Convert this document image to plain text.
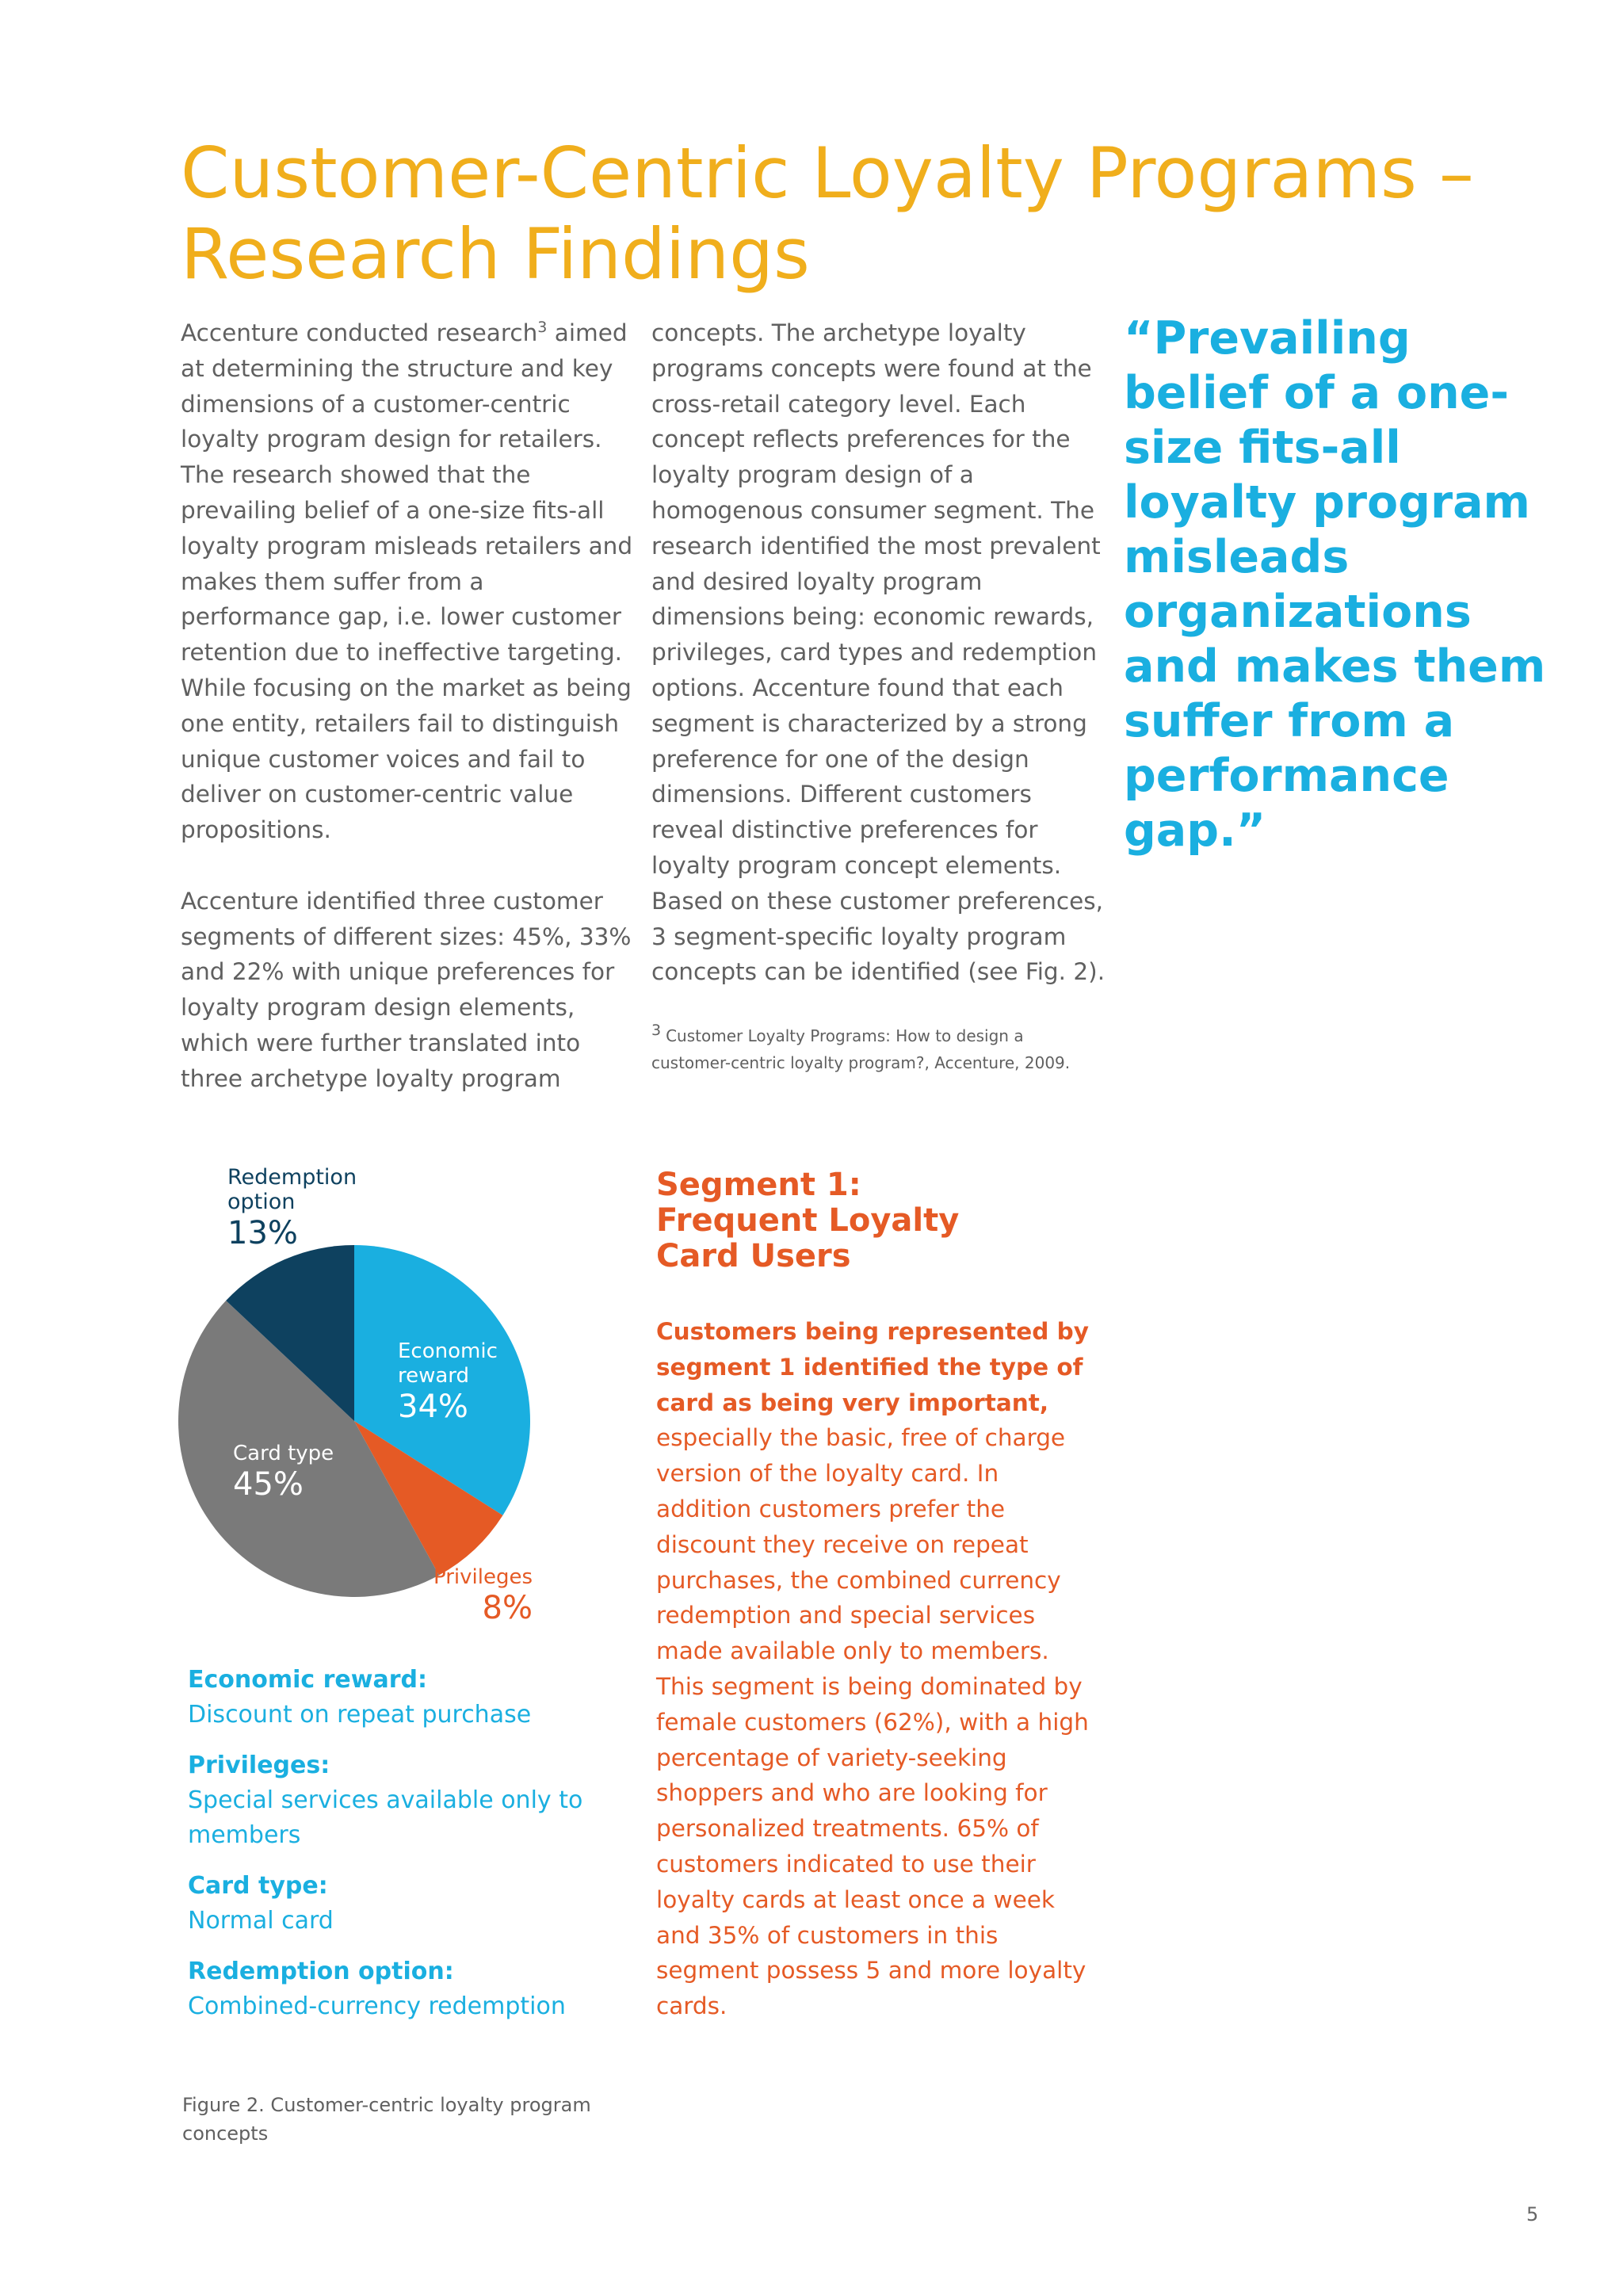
Customer-Centric Loyalty Programs –
Research Findings

Accenture conducted research$^3$ aimed at determining the structure and key dimensions of a customer-centric loyalty program design for retailers. The research showed that the prevailing belief of a one-size fits-all loyalty program misleads retailers and makes them suffer from a performance gap, i.e. lower customer retention due to ineffective targeting. While focusing on the market as being one entity, retailers fail to distinguish unique customer voices and fail to deliver on customer-centric value propositions.

Accenture identified three customer segments of different sizes: 45%, 33% and 22% with unique preferences for loyalty program design elements, which were further translated into three archetype loyalty program

concepts. The archetype loyalty programs concepts were found at the cross-retail category level. Each concept reflects preferences for the loyalty program design of a homogenous consumer segment. The research identified the most prevalent and desired loyalty program dimensions being: economic rewards, privileges, card types and redemption options. Accenture found that each segment is characterized by a strong preference for one of the design dimensions. Different customers reveal distinctive preferences for loyalty program concept elements. Based on these customer preferences, 3 segment-specific loyalty program concepts can be identified (see Fig. 2).

$^3$ Customer Loyalty Programs: How to design a customer-centric loyalty program?, Accenture, 2009.
“Prevailing belief of a one-size fits-all loyalty program misleads organizations and makes them suffer from a performance gap.”
Economic
reward
34%
Privileges
8%
Card type
45%
Redemption
option
13%
Economic reward:
Discount on repeat purchase
Privileges:
Special services available only to members
Card type:
Normal card
Redemption option:
Combined-currency redemption
Figure 2. Customer-centric loyalty program concepts
Segment 1:
Frequent Loyalty
Card Users
Customers being represented by segment 1 identified the type of card as being very important, especially the basic, free of charge version of the loyalty card. In addition customers prefer the discount they receive on repeat purchases, the combined currency redemption and special services made available only to members. This segment is being dominated by female customers (62%), with a high percentage of variety-seeking shoppers and who are looking for personalized treatments. 65% of customers indicated to use their loyalty cards at least once a week and 35% of customers in this segment possess 5 and more loyalty cards.
5
